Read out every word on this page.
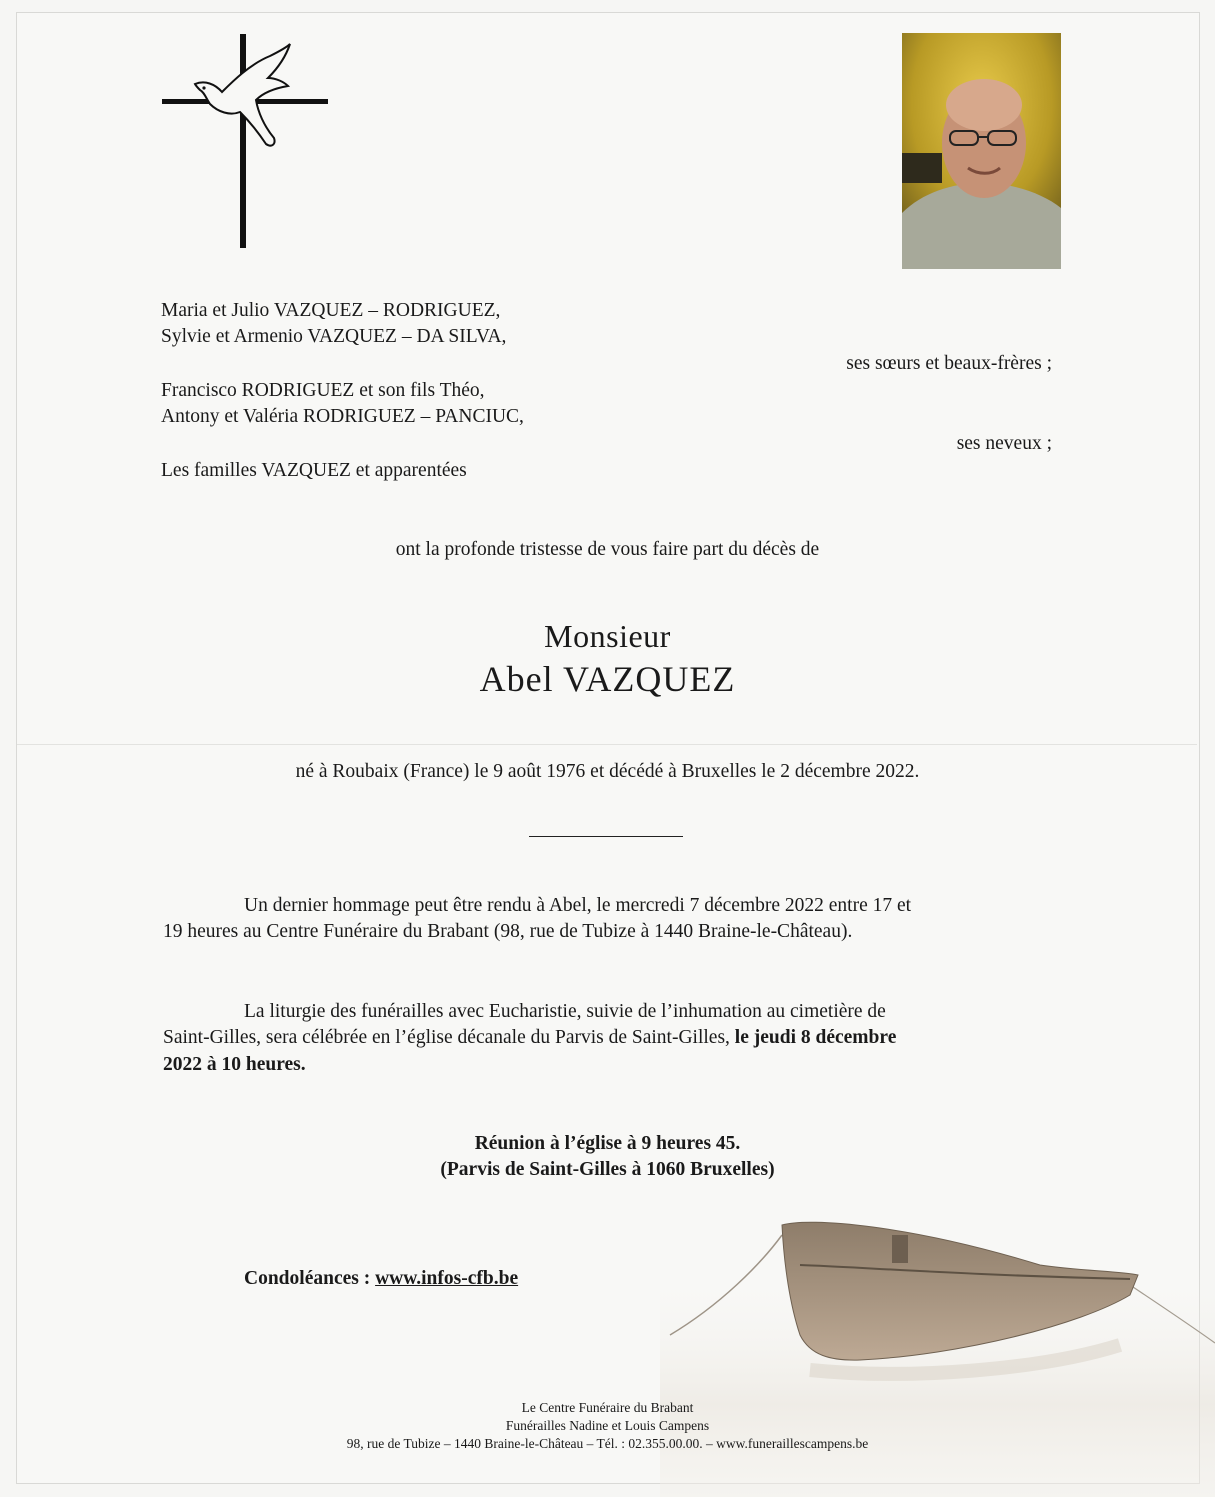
Maria et Julio VAZQUEZ – RODRIGUEZ,
Sylvie et Armenio VAZQUEZ – DA SILVA,
ses sœurs et beaux-frères ;
Francisco RODRIGUEZ et son fils Théo,
Antony et Valéria RODRIGUEZ – PANCIUC,
ses neveux ;
Les familles VAZQUEZ et apparentées
ont la profonde tristesse de vous faire part du décès de
Monsieur
Abel VAZQUEZ
né à Roubaix (France) le 9 août 1976 et décédé à Bruxelles le 2 décembre 2022.
Un dernier hommage peut être rendu à Abel, le mercredi 7 décembre 2022 entre 17 et
19 heures au Centre Funéraire du Brabant (98, rue de Tubize à 1440 Braine-le-Château).
La liturgie des funérailles avec Eucharistie, suivie de l’inhumation au cimetière de
Saint-Gilles, sera célébrée en l’église décanale du Parvis de Saint-Gilles, le jeudi 8 décembre
2022 à 10 heures.
Réunion à l’église à 9 heures 45.
(Parvis de Saint-Gilles à 1060 Bruxelles)
Condoléances : www.infos-cfb.be
Le Centre Funéraire du Brabant
Funérailles Nadine et Louis Campens
98, rue de Tubize – 1440 Braine-le-Château – Tél. : 02.355.00.00. – www.funeraillescampens.be
